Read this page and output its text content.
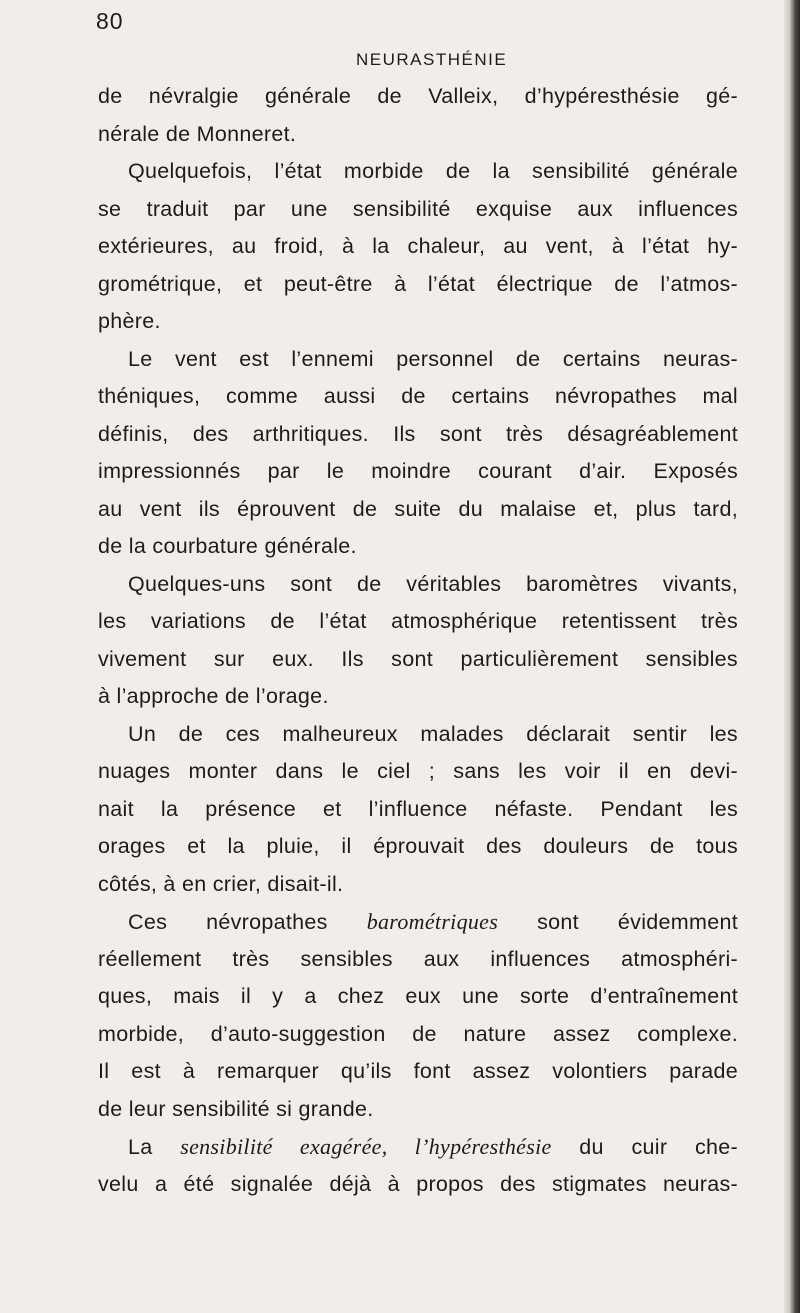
80
NEURASTHÉNIE
de névralgie générale de Valleix, d’hypéresthésie gé-
nérale de Monneret.
Quelquefois, l’état morbide de la sensibilité générale
se traduit par une sensibilité exquise aux influences
extérieures, au froid, à la chaleur, au vent, à l’état hy-
grométrique, et peut-être à l’état électrique de l’atmos-
phère.
Le vent est l’ennemi personnel de certains neuras-
théniques, comme aussi de certains névropathes mal
définis, des arthritiques. Ils sont très désagréablement
impressionnés par le moindre courant d’air. Exposés
au vent ils éprouvent de suite du malaise et, plus tard,
de la courbature générale.
Quelques-uns sont de véritables baromètres vivants,
les variations de l’état atmosphérique retentissent très
vivement sur eux. Ils sont particulièrement sensibles
à l’approche de l’orage.
Un de ces malheureux malades déclarait sentir les
nuages monter dans le ciel ; sans les voir il en devi-
nait la présence et l’influence néfaste. Pendant les
orages et la pluie, il éprouvait des douleurs de tous
côtés, à en crier, disait-il.
Ces névropathes barométriques sont évidemment
réellement très sensibles aux influences atmosphéri-
ques, mais il y a chez eux une sorte d’entraînement
morbide, d’auto-suggestion de nature assez complexe.
Il est à remarquer qu’ils font assez volontiers parade
de leur sensibilité si grande.
La sensibilité exagérée, l’hypéresthésie du cuir che-
velu a été signalée déjà à propos des stigmates neuras-
